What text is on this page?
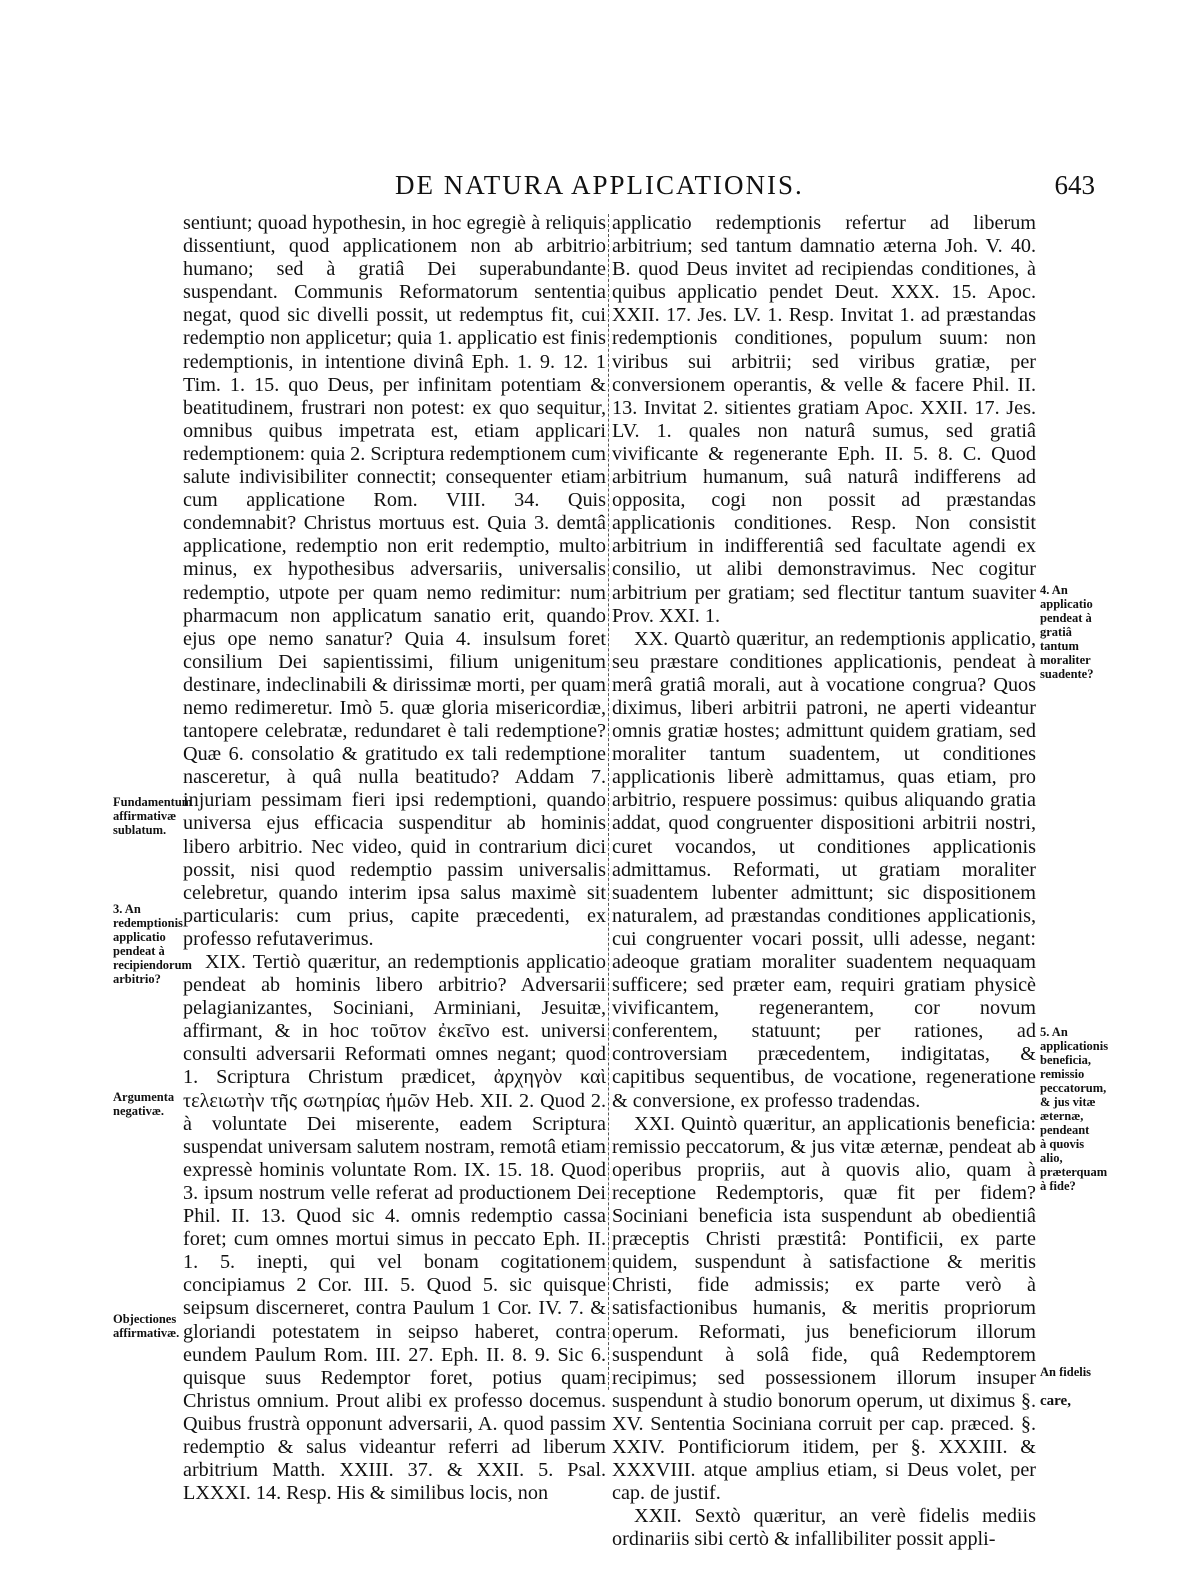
DE NATURA APPLICATIONIS.	643

sentiunt; quoad hypothesin, in hoc egregiè à reliquis dissentiunt, quod applicationem non ab arbitrio humano; sed à gratiâ Dei superabundante suspendant. Communis Reformatorum sententia negat, quod sic divelli possit, ut redemptus fit, cui redemptio non applicetur; quia 1. applicatio est finis redemptionis, in intentione divinâ Eph. 1. 9. 12. 1 Tim. 1. 15. quo Deus, per infinitam potentiam & beatitudinem, frustrari non potest: ex quo sequitur, omnibus quibus impetrata est, etiam applicari redemptionem: quia 2. Scriptura redemptionem cum salute indivisibiliter connectit; consequenter etiam cum applicatione Rom. VIII. 34. Quis condemnabit? Christus mortuus est. Quia 3. demtâ applicatione, redemptio non erit redemptio, multo minus, ex hypothesibus adversariis, universalis redemptio, utpote per quam nemo redimitur: num pharmacum non applicatum sanatio erit, quando ejus ope nemo sanatur? Quia 4. insulsum foret consilium Dei sapientissimi, filium unigenitum destinare, indeclinabili & dirissimæ morti, per quam nemo redimeretur. Imò 5. quæ gloria misericordiæ, tantopere celebratæ, redundaret è tali redemptione? Quæ 6. consolatio & gratitudo ex tali redemptione nasceretur, à quâ nulla beatitudo? Addam 7. injuriam pessimam fieri ipsi redemptioni, quando universa ejus efficacia suspenditur ab hominis libero arbitrio. Nec video, quid in contrarium dici possit, nisi quod redemptio passim universalis celebretur, quando interim ipsa salus maximè sit particularis: cum prius, capite præcedenti, ex professo refutaverimus.

XIX. Tertiò quæritur, an redemptionis applicatio pendeat ab hominis libero arbitrio? Adversarii pelagianizantes, Sociniani, Arminiani, Jesuitæ, affirmant, & in hoc τοῦτον ἐκεῖνο est. universi consulti adversarii Reformati omnes negant; quod 1. Scriptura Christum prædicet, ἀρχηγὸν καὶ τελειωτὴν τῆς σωτηρίας ἡμῶν Heb. XII. 2. Quod 2. à voluntate Dei miserente, eadem Scriptura suspendat universam salutem nostram, remotâ etiam expressè hominis voluntate Rom. IX. 15. 18. Quod 3. ipsum nostrum velle referat ad productionem Dei Phil. II. 13. Quod sic 4. omnis redemptio cassa foret; cum omnes mortui simus in peccato Eph. II. 1. 5. inepti, qui vel bonam cogitationem concipiamus 2 Cor. III. 5. Quod 5. sic quisque seipsum discerneret, contra Paulum 1 Cor. IV. 7. & gloriandi potestatem in seipso haberet, contra eundem Paulum Rom. III. 27. Eph. II. 8. 9. Sic 6. quisque suus Redemptor foret, potius quam Christus omnium. Prout alibi ex professo docemus. Quibus frustrà opponunt adversarii, A. quod passim redemptio & salus videantur referri ad liberum arbitrium Matth. XXIII. 37. & XXII. 5. Psal. LXXXI. 14. Resp. His & similibus locis, non

applicatio redemptionis refertur ad liberum arbitrium; sed tantum damnatio æterna Joh. V. 40. B. quod Deus invitet ad recipiendas conditiones, à quibus applicatio pendet Deut. XXX. 15. Apoc. XXII. 17. Jes. LV. 1. Resp. Invitat 1. ad præstandas redemptionis conditiones, populum suum: non viribus sui arbitrii; sed viribus gratiæ, per conversionem operantis, & velle & facere Phil. II. 13. Invitat 2. sitientes gratiam Apoc. XXII. 17. Jes. LV. 1. quales non naturâ sumus, sed gratiâ vivificante & regenerante Eph. II. 5. 8. C. Quod arbitrium humanum, suâ naturâ indifferens ad opposita, cogi non possit ad præstandas applicationis conditiones. Resp. Non consistit arbitrium in indifferentiâ sed facultate agendi ex consilio, ut alibi demonstravimus. Nec cogitur arbitrium per gratiam; sed flectitur tantum suaviter Prov. XXI. 1.

XX. Quartò quæritur, an redemptionis applicatio, seu præstare conditiones applicationis, pendeat à merâ gratiâ morali, aut à vocatione congrua? Quos diximus, liberi arbitrii patroni, ne aperti videantur omnis gratiæ hostes; admittunt quidem gratiam, sed moraliter tantum suadentem, ut conditiones applicationis liberè admittamus, quas etiam, pro arbitrio, respuere possimus: quibus aliquando gratia addat, quod congruenter dispositioni arbitrii nostri, curet vocandos, ut conditiones applicationis admittamus. Reformati, ut gratiam moraliter suadentem lubenter admittunt; sic dispositionem naturalem, ad præstandas conditiones applicationis, cui congruenter vocari possit, ulli adesse, negant: adeoque gratiam moraliter suadentem nequaquam sufficere; sed præter eam, requiri gratiam physicè vivificantem, regenerantem, cor novum conferentem, statuunt; per rationes, ad controversiam præcedentem, indigitatas, & capitibus sequentibus, de vocatione, regeneratione & conversione, ex professo tradendas.

XXI. Quintò quæritur, an applicationis beneficia: remissio peccatorum, & jus vitæ æternæ, pendeat ab operibus propriis, aut à quovis alio, quam à receptione Redemptoris, quæ fit per fidem? Sociniani beneficia ista suspendunt ab obedientiâ præceptis Christi præstitâ: Pontificii, ex parte quidem, suspendunt à satisfactione & meritis Christi, fide admissis; ex parte verò à satisfactionibus humanis, & meritis propriorum operum. Reformati, jus beneficiorum illorum suspendunt à solâ fide, quâ Redemptorem recipimus; sed possessionem illorum insuper suspendunt à studio bonorum operum, ut diximus §. XV. Sententia Sociniana corruit per cap. præced. §. XXIV. Pontificiorum itidem, per §. XXXIII. & XXXVIII. atque amplius etiam, si Deus volet, per cap. de justif.

XXII. Sextò quæritur, an verè fidelis mediis ordinariis sibi certò & infallibiliter possit appli-

Fundamentum affirmativæ sublatum.
3. An redemptionis applicatio pendeat à recipiendorum arbitrio?
Argumenta negativæ.
Objectiones affirmativæ.
4. An applicatio pendeat à gratiâ tantum moraliter suadente?
5. An applicationis beneficia, remissio peccatorum, & jus vitæ æternæ, pendeant à quovis alio, præterquam à fide?
An fidelis
care,
